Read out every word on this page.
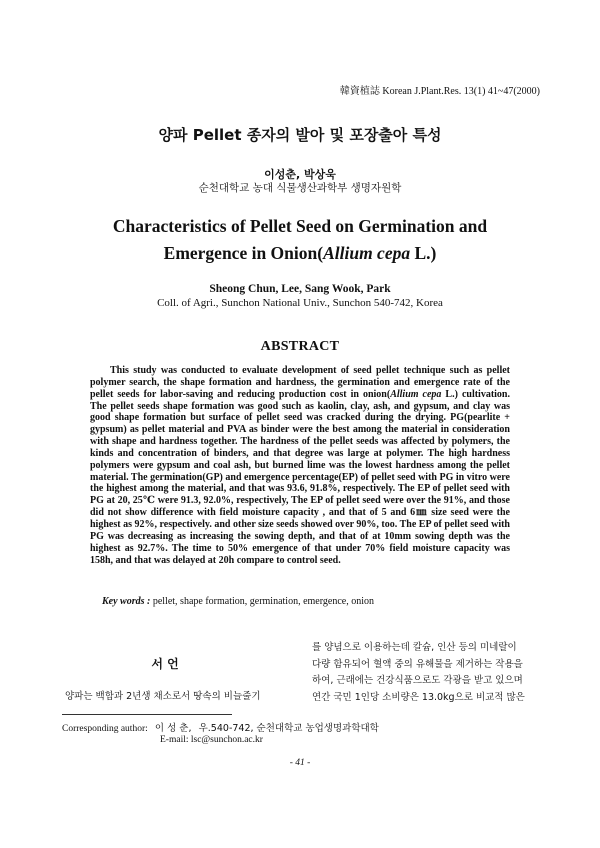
韓資植誌 Korean J.Plant.Res. 13(1) 41~47(2000)
양파 Pellet 종자의 발아 및 포장출아 특성
이성춘, 박상욱
순천대학교 농대 식물생산과학부 생명자원학
Characteristics of Pellet Seed on Germination and
Emergence in Onion(Allium cepa L.)
Sheong Chun, Lee, Sang Wook, Park
Coll. of Agri., Sunchon National Univ., Sunchon 540-742, Korea
ABSTRACT
This study was conducted to evaluate development of seed pellet technique such as pellet polymer search, the shape formation and hardness, the germination and emergence rate of the pellet seeds for labor-saving and reducing production cost in onion(Allium cepa L.) cultivation. The pellet seeds shape formation was good such as kaolin, clay, ash, and gypsum, and clay was good shape formation but surface of pellet seed was cracked during the drying. PG(pearlite + gypsum) as pellet material and PVA as binder were the best among the material in consideration with shape and hardness together. The hardness of the pellet seeds was affected by polymers, the kinds and concentration of binders, and that degree was large at polymer. The high hardness polymers were gypsum and coal ash, but burned lime was the lowest hardness among the pellet material. The germination(GP) and emergence percentage(EP) of pellet seed with PG in vitro were the highest among the material, and that was 93.6, 91.8%, respectively. The EP of pellet seed with PG at 20, 25℃ were 91.3, 92.0%, respectively, The EP of pellet seed were over the 91%, and those did not show difference with field moisture capacity , and that of 5 and 6㎜ size seed were the highest as 92%, respectively. and other size seeds showed over 90%, too. The EP of pellet seed with PG was decreasing as increasing the sowing depth, and that of at 10mm sowing depth was the highest as 92.7%. The time to 50% emergence of that under 70% field moisture capacity was 158h, and that was delayed at 20h compare to control seed.
Key words : pellet, shape formation, germination, emergence, onion
서 언
양파는 백합과 2년생 채소로서 땅속의 비늘줄기
를 양념으로 이용하는데 칼슘, 인산 등의 미네랄이
다량 함유되어 혈액 중의 유해물을 제거하는 작용을
하여, 근래에는 건강식품으로도 각광을 받고 있으며
연간 국민 1인당 소비량은 13.0kg으로 비교적 많은
Corresponding author: 이 성 춘, 우.540-742, 순천대학교 농업생명과학대학
E-mail: lsc@sunchon.ac.kr
- 41 -
